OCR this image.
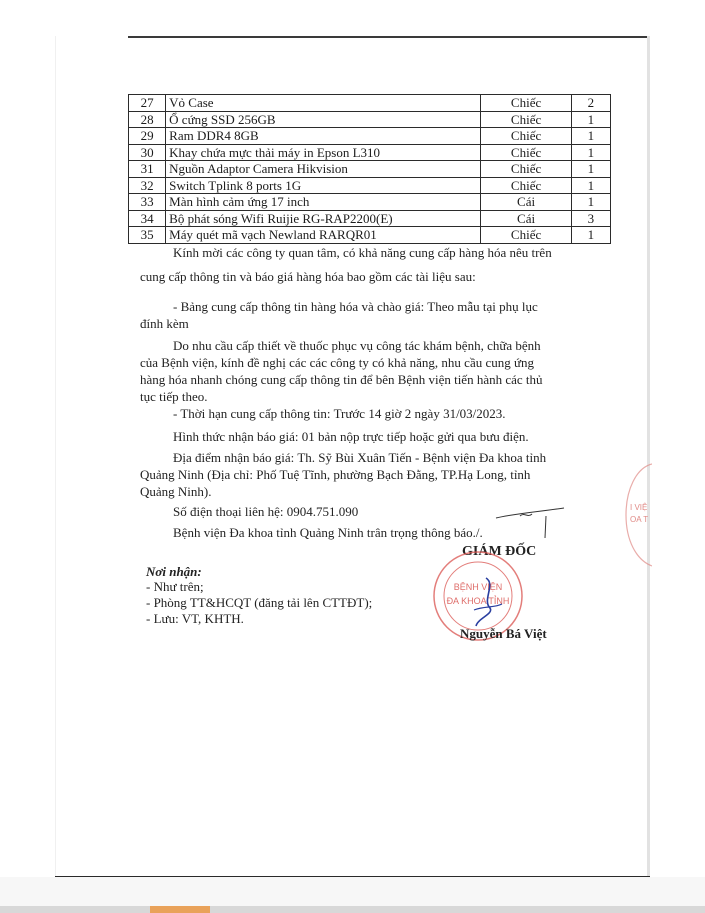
27	Vỏ Case	Chiếc	2
28	Ổ cứng SSD 256GB	Chiếc	1
29	Ram DDR4 8GB	Chiếc	1
30	Khay chứa mực thải máy in Epson L310	Chiếc	1
31	Nguồn Adaptor Camera Hikvision	Chiếc	1
32	Switch Tplink 8 ports 1G	Chiếc	1
33	Màn hình cảm ứng 17 inch	Cái	1
34	Bộ phát sóng Wifi Ruijie RG-RAP2200(E)	Cái	3
35	Máy quét mã vạch Newland RARQR01	Chiếc	1
Kính mời các công ty quan tâm, có khả năng cung cấp hàng hóa nêu trên
cung cấp thông tin và báo giá hàng hóa bao gồm các tài liệu sau:
- Bảng cung cấp thông tin hàng hóa và chào giá: Theo mẫu tại phụ lục
đính kèm
Do nhu cầu cấp thiết về thuốc phục vụ công tác khám bệnh, chữa bệnh
của Bệnh viện, kính đề nghị các các công ty có khả năng, nhu cầu cung ứng
hàng hóa nhanh chóng cung cấp thông tin để bên Bệnh viện tiến hành các thủ
tục tiếp theo.
- Thời hạn cung cấp thông tin: Trước 14 giờ 2 ngày 31/03/2023.
Hình thức nhận báo giá: 01 bản nộp trực tiếp hoặc gửi qua bưu điện.
Địa điểm nhận báo giá: Th. Sỹ Bùi Xuân Tiến - Bệnh viện Đa khoa tỉnh
Quảng Ninh (Địa chỉ: Phố Tuệ Tĩnh, phường Bạch Đằng, TP.Hạ Long, tỉnh
Quảng Ninh).
Số điện thoại liên hệ: 0904.751.090
Bệnh viện Đa khoa tỉnh Quảng Ninh trân trọng thông báo./.
GIÁM ĐỐC
Nơi nhận:
- Như trên;
- Phòng TT&HCQT (đăng tải lên CTTĐT);
- Lưu: VT, KHTH.
BỆNH VIỆN
ĐA KHOA TỈNH
Nguyễn Bá Việt
I VIỆ
OA T
